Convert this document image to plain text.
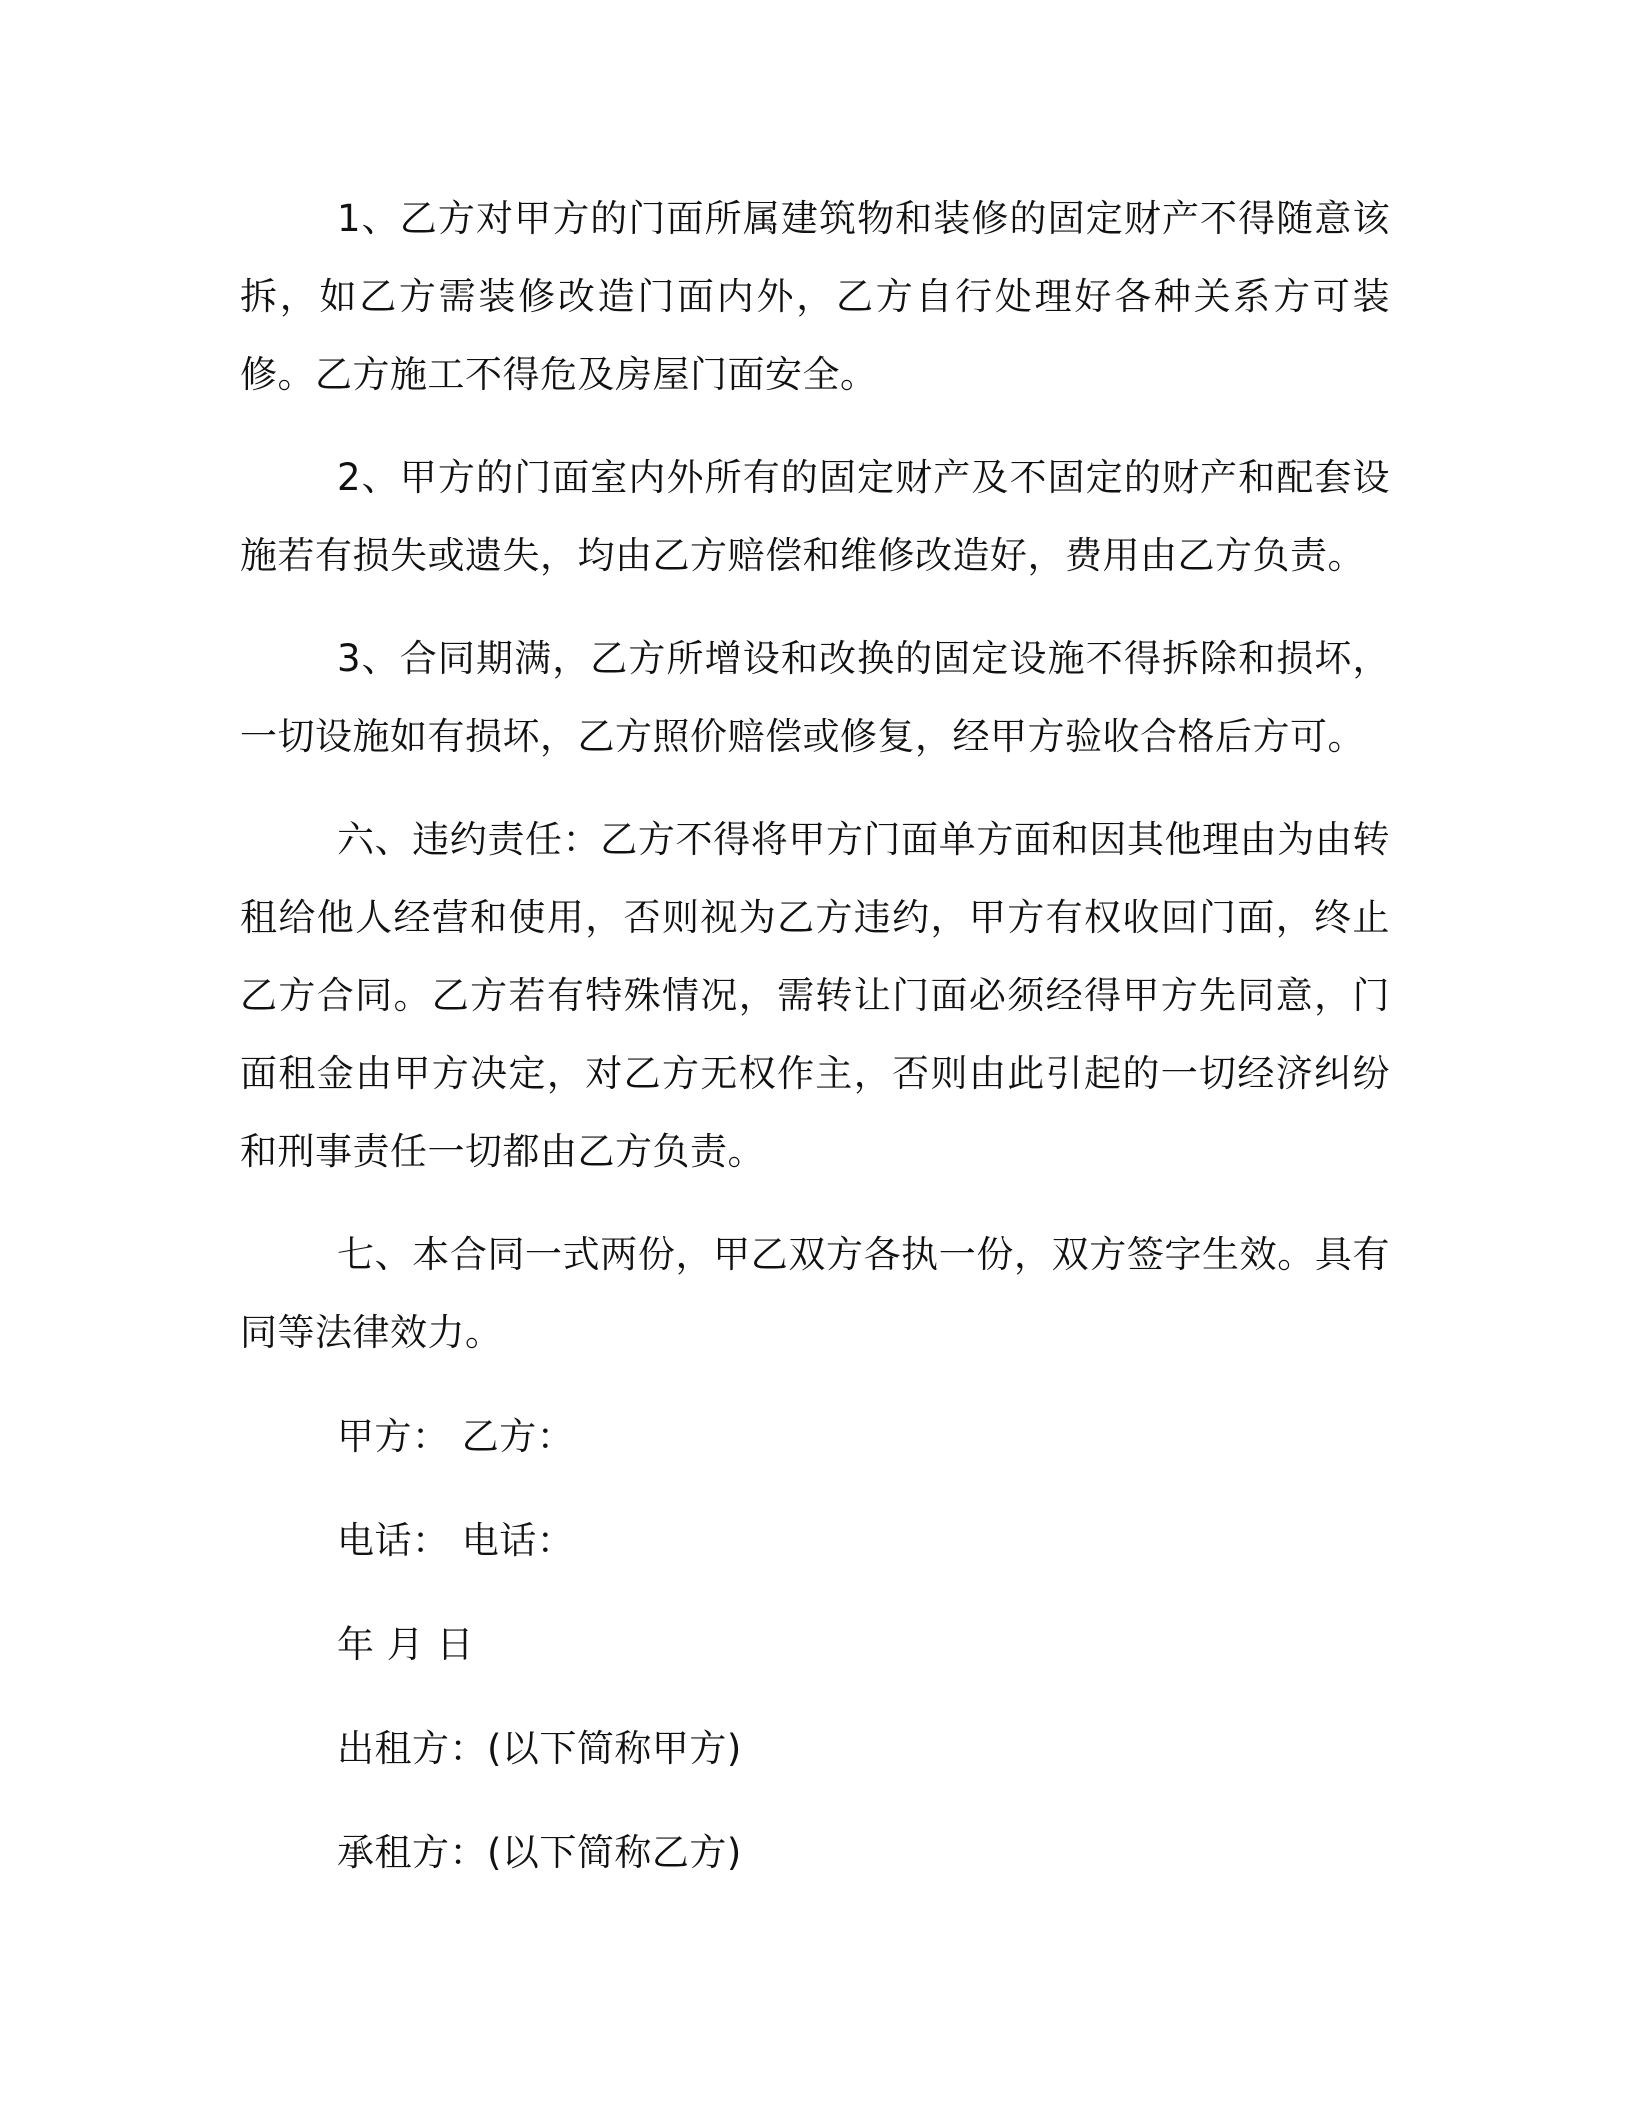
1、乙方对甲方的门面所属建筑物和装修的固定财产不得随意该拆，如乙方需装修改造门面内外，乙方自行处理好各种关系方可装修。乙方施工不得危及房屋门面安全。

2、甲方的门面室内外所有的固定财产及不固定的财产和配套设施若有损失或遗失，均由乙方赔偿和维修改造好，费用由乙方负责。

3、合同期满，乙方所增设和改换的固定设施不得拆除和损坏，一切设施如有损坏，乙方照价赔偿或修复，经甲方验收合格后方可。

六、违约责任：乙方不得将甲方门面单方面和因其他理由为由转租给他人经营和使用，否则视为乙方违约，甲方有权收回门面，终止乙方合同。乙方若有特殊情况，需转让门面必须经得甲方先同意，门面租金由甲方决定，对乙方无权作主，否则由此引起的一切经济纠纷和刑事责任一切都由乙方负责。

七、本合同一式两份，甲乙双方各执一份，双方签字生效。具有同等法律效力。

甲方： 乙方：

电话： 电话：

年 月 日

出租方：(以下简称甲方)

承租方：(以下简称乙方)
